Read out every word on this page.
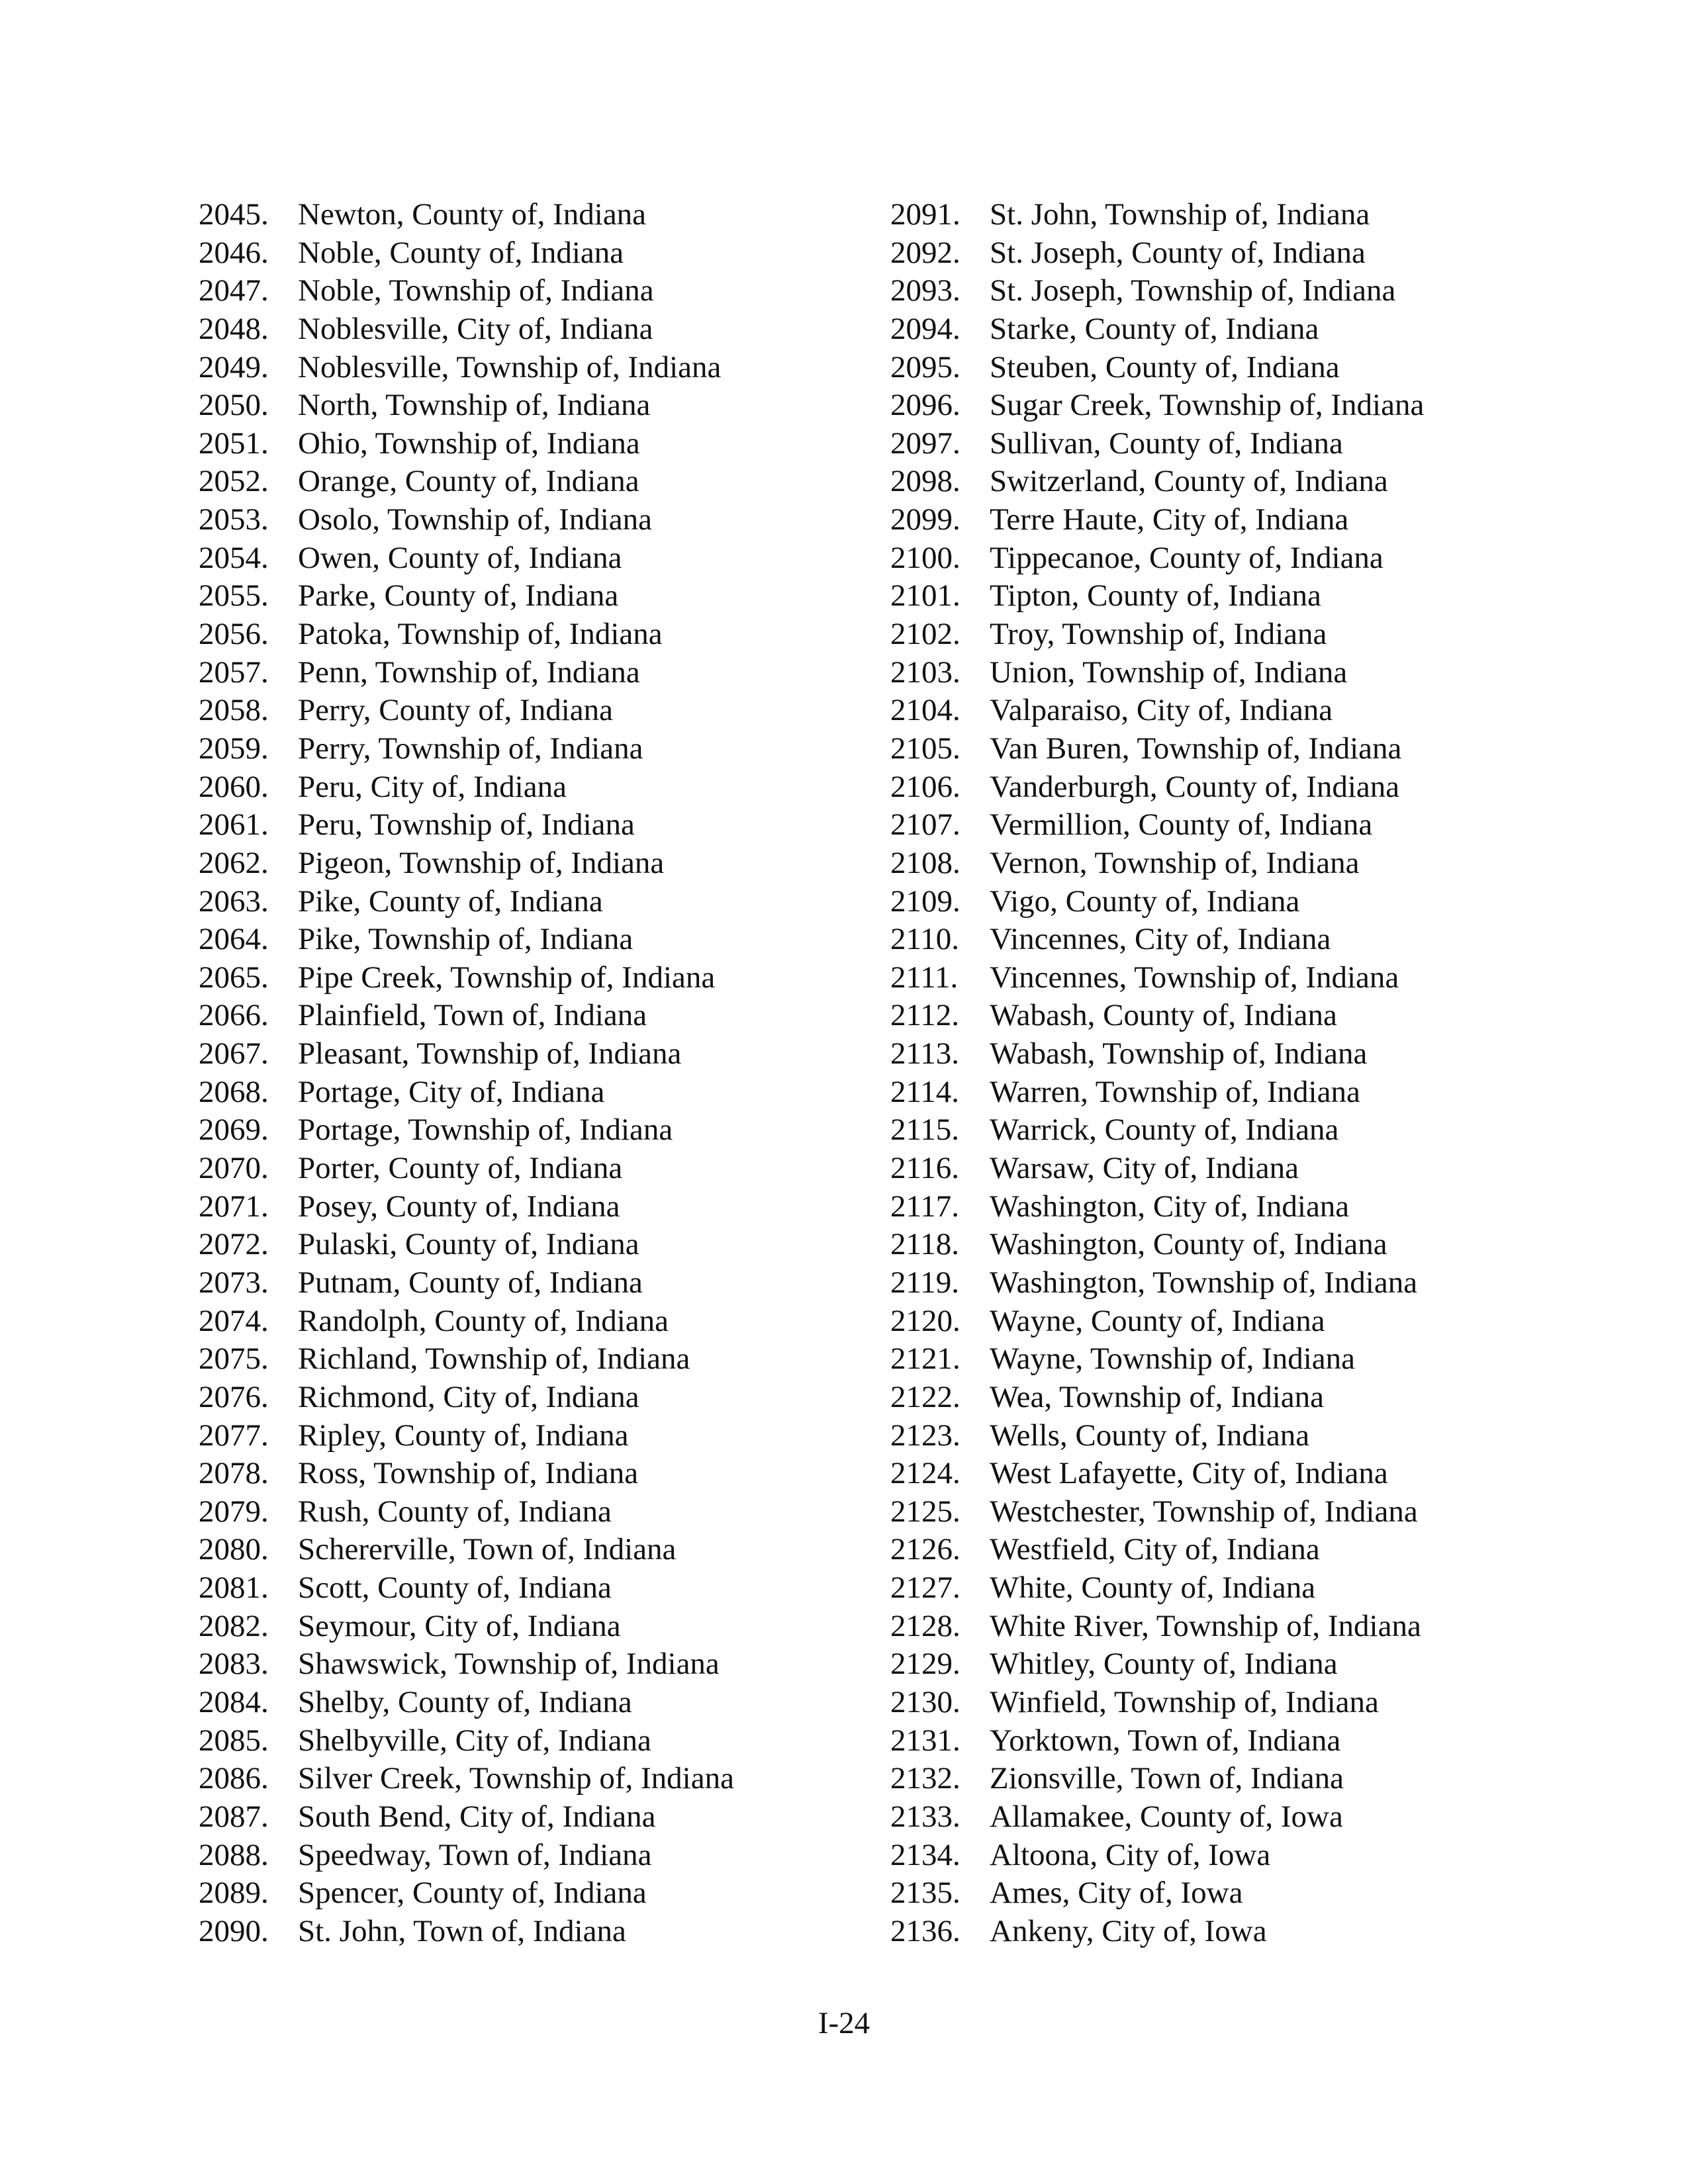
2045. Newton, County of, Indiana
2046. Noble, County of, Indiana
2047. Noble, Township of, Indiana
2048. Noblesville, City of, Indiana
2049. Noblesville, Township of, Indiana
2050. North, Township of, Indiana
2051. Ohio, Township of, Indiana
2052. Orange, County of, Indiana
2053. Osolo, Township of, Indiana
2054. Owen, County of, Indiana
2055. Parke, County of, Indiana
2056. Patoka, Township of, Indiana
2057. Penn, Township of, Indiana
2058. Perry, County of, Indiana
2059. Perry, Township of, Indiana
2060. Peru, City of, Indiana
2061. Peru, Township of, Indiana
2062. Pigeon, Township of, Indiana
2063. Pike, County of, Indiana
2064. Pike, Township of, Indiana
2065. Pipe Creek, Township of, Indiana
2066. Plainfield, Town of, Indiana
2067. Pleasant, Township of, Indiana
2068. Portage, City of, Indiana
2069. Portage, Township of, Indiana
2070. Porter, County of, Indiana
2071. Posey, County of, Indiana
2072. Pulaski, County of, Indiana
2073. Putnam, County of, Indiana
2074. Randolph, County of, Indiana
2075. Richland, Township of, Indiana
2076. Richmond, City of, Indiana
2077. Ripley, County of, Indiana
2078. Ross, Township of, Indiana
2079. Rush, County of, Indiana
2080. Schererville, Town of, Indiana
2081. Scott, County of, Indiana
2082. Seymour, City of, Indiana
2083. Shawswick, Township of, Indiana
2084. Shelby, County of, Indiana
2085. Shelbyville, City of, Indiana
2086. Silver Creek, Township of, Indiana
2087. South Bend, City of, Indiana
2088. Speedway, Town of, Indiana
2089. Spencer, County of, Indiana
2090. St. John, Town of, Indiana
2091. St. John, Township of, Indiana
2092. St. Joseph, County of, Indiana
2093. St. Joseph, Township of, Indiana
2094. Starke, County of, Indiana
2095. Steuben, County of, Indiana
2096. Sugar Creek, Township of, Indiana
2097. Sullivan, County of, Indiana
2098. Switzerland, County of, Indiana
2099. Terre Haute, City of, Indiana
2100. Tippecanoe, County of, Indiana
2101. Tipton, County of, Indiana
2102. Troy, Township of, Indiana
2103. Union, Township of, Indiana
2104. Valparaiso, City of, Indiana
2105. Van Buren, Township of, Indiana
2106. Vanderburgh, County of, Indiana
2107. Vermillion, County of, Indiana
2108. Vernon, Township of, Indiana
2109. Vigo, County of, Indiana
2110. Vincennes, City of, Indiana
2111. Vincennes, Township of, Indiana
2112. Wabash, County of, Indiana
2113. Wabash, Township of, Indiana
2114. Warren, Township of, Indiana
2115. Warrick, County of, Indiana
2116. Warsaw, City of, Indiana
2117. Washington, City of, Indiana
2118. Washington, County of, Indiana
2119. Washington, Township of, Indiana
2120. Wayne, County of, Indiana
2121. Wayne, Township of, Indiana
2122. Wea, Township of, Indiana
2123. Wells, County of, Indiana
2124. West Lafayette, City of, Indiana
2125. Westchester, Township of, Indiana
2126. Westfield, City of, Indiana
2127. White, County of, Indiana
2128. White River, Township of, Indiana
2129. Whitley, County of, Indiana
2130. Winfield, Township of, Indiana
2131. Yorktown, Town of, Indiana
2132. Zionsville, Town of, Indiana
2133. Allamakee, County of, Iowa
2134. Altoona, City of, Iowa
2135. Ames, City of, Iowa
2136. Ankeny, City of, Iowa
I-24
